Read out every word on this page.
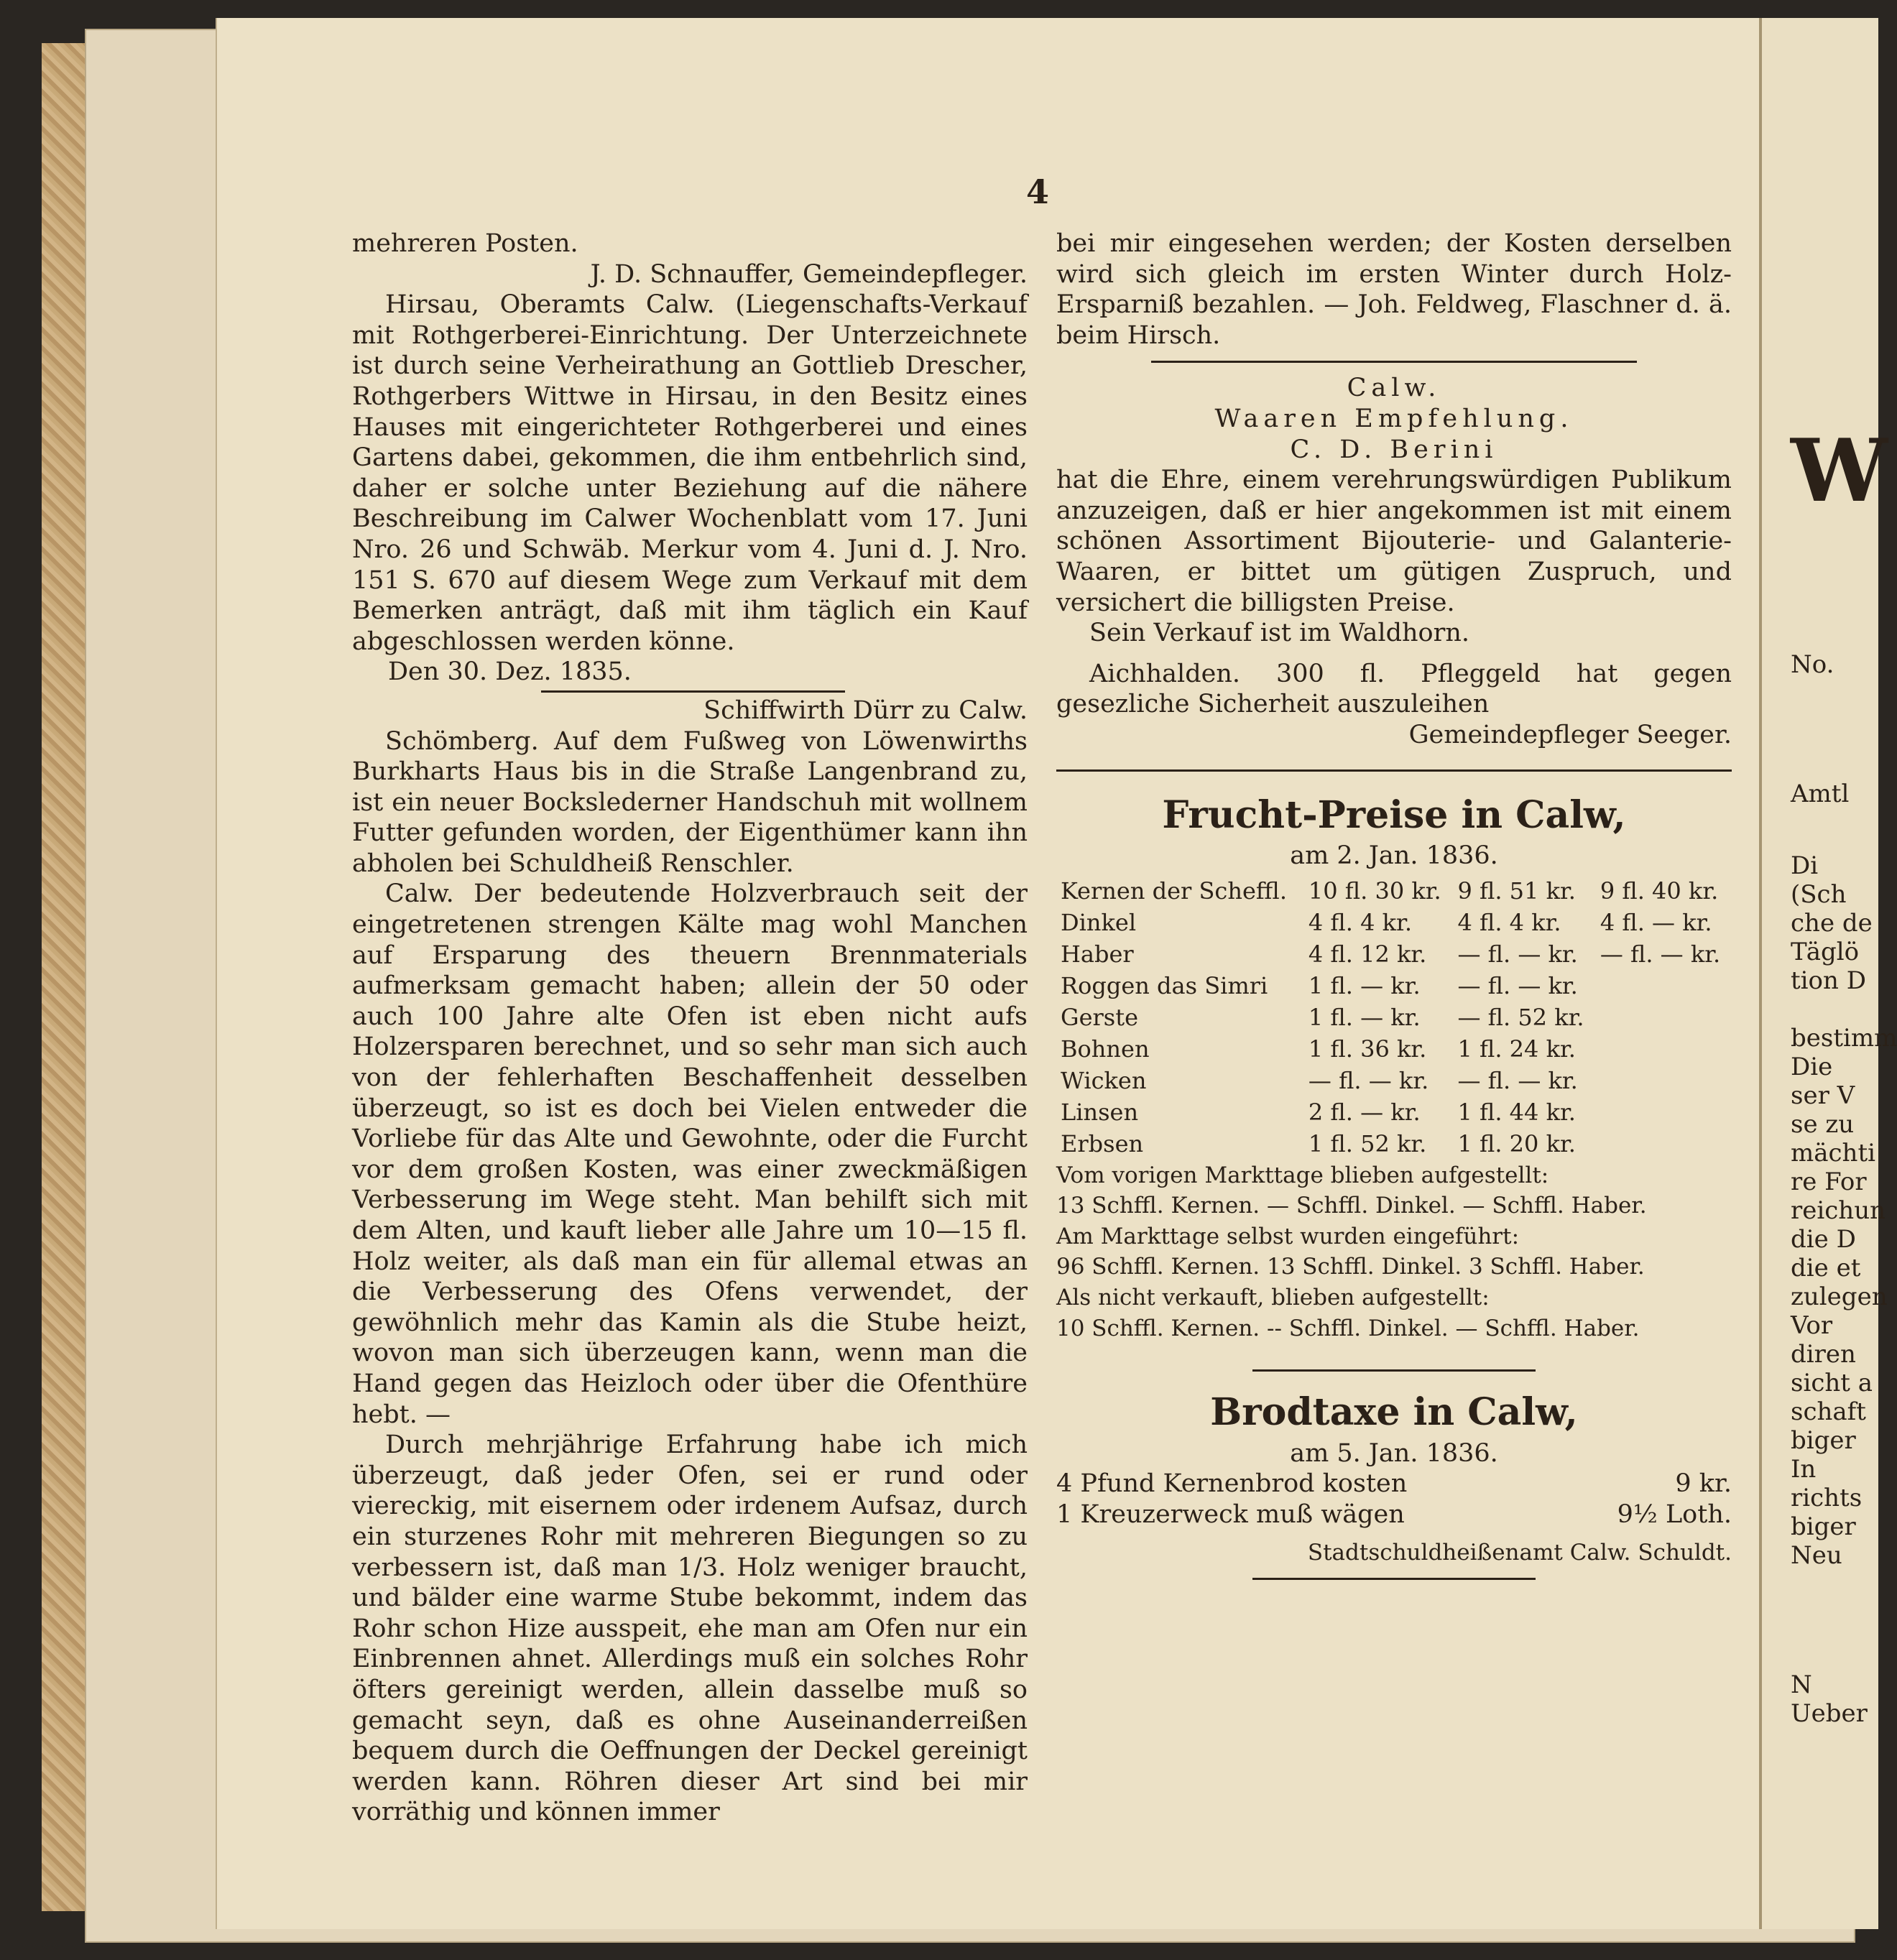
4

mehreren Posten.

J. D. Schnauffer, Gemeindepfleger.

Hirsau, Oberamts Calw. (Liegenschafts-Verkauf mit Rothgerberei-Einrichtung. Der Unterzeichnete ist durch seine Verheirathung an Gottlieb Drescher, Rothgerbers Wittwe in Hirsau, in den Besitz eines Hauses mit eingerichteter Rothgerberei und eines Gartens dabei, gekommen, die ihm entbehrlich sind, daher er solche unter Beziehung auf die nähere Beschreibung im Calwer Wochenblatt vom 17. Juni Nro. 26 und Schwäb. Merkur vom 4. Juni d. J. Nro. 151 S. 670 auf diesem Wege zum Verkauf mit dem Bemerken anträgt, daß mit ihm täglich ein Kauf abgeschlossen werden könne.

Den 30. Dez. 1835.

Schiffwirth Dürr zu Calw.

Schömberg. Auf dem Fußweg von Löwenwirths Burkharts Haus bis in die Straße Langenbrand zu, ist ein neuer Bockslederner Handschuh mit wollnem Futter gefunden worden, der Eigenthümer kann ihn abholen bei Schuldheiß Renschler.

Calw. Der bedeutende Holzverbrauch seit der eingetretenen strengen Kälte mag wohl Manchen auf Ersparung des theuern Brennmaterials aufmerksam gemacht haben; allein der 50 oder auch 100 Jahre alte Ofen ist eben nicht aufs Holzersparen berechnet, und so sehr man sich auch von der fehlerhaften Beschaffenheit desselben überzeugt, so ist es doch bei Vielen entweder die Vorliebe für das Alte und Gewohnte, oder die Furcht vor dem großen Kosten, was einer zweckmäßigen Verbesserung im Wege steht. Man behilft sich mit dem Alten, und kauft lieber alle Jahre um 10—15 fl. Holz weiter, als daß man ein für allemal etwas an die Verbesserung des Ofens verwendet, der gewöhnlich mehr das Kamin als die Stube heizt, wovon man sich überzeugen kann, wenn man die Hand gegen das Heizloch oder über die Ofenthüre hebt. —

Durch mehrjährige Erfahrung habe ich mich überzeugt, daß jeder Ofen, sei er rund oder viereckig, mit eisernem oder irdenem Aufsaz, durch ein sturzenes Rohr mit mehreren Biegungen so zu verbessern ist, daß man 1/3. Holz weniger braucht, und bälder eine warme Stube bekommt, indem das Rohr schon Hize ausspeit, ehe man am Ofen nur ein Einbrennen ahnet. Allerdings muß ein solches Rohr öfters gereinigt werden, allein dasselbe muß so gemacht seyn, daß es ohne Auseinanderreißen bequem durch die Oeffnungen der Deckel gereinigt werden kann. Röhren dieser Art sind bei mir vorräthig und können immer

bei mir eingesehen werden; der Kosten derselben wird sich gleich im ersten Winter durch Holz-Ersparniß bezahlen. — Joh. Feldweg, Flaschner d. ä. beim Hirsch.

Calw.

Waaren Empfehlung.

C. D. Berini

hat die Ehre, einem verehrungswürdigen Publikum anzuzeigen, daß er hier angekommen ist mit einem schönen Assortiment Bijouterie- und Galanterie-Waaren, er bittet um gütigen Zuspruch, und versichert die billigsten Preise.

Sein Verkauf ist im Waldhorn.

Aichhalden. 300 fl. Pfleggeld hat gegen gesezliche Sicherheit auszuleihen

Gemeindepfleger Seeger.

Frucht-Preise in Calw,
am 2. Jan. 1836.
Kernen der Scheffl.	10 fl. 30 kr.	9 fl. 51 kr.	9 fl. 40 kr.
Dinkel	4 fl. 4 kr.	4 fl. 4 kr.	4 fl. — kr.
Haber	4 fl. 12 kr.	— fl. — kr.	— fl. — kr.
Roggen das Simri	1 fl. — kr.	— fl. — kr.	
Gerste	1 fl. — kr.	— fl. 52 kr.	
Bohnen	1 fl. 36 kr.	1 fl. 24 kr.	
Wicken	— fl. — kr.	— fl. — kr.	
Linsen	2 fl. — kr.	1 fl. 44 kr.	
Erbsen	1 fl. 52 kr.	1 fl. 20 kr.	

Vom vorigen Markttage blieben aufgestellt:

13 Schffl. Kernen. — Schffl. Dinkel. — Schffl. Haber.

Am Markttage selbst wurden eingeführt:

96 Schffl. Kernen. 13 Schffl. Dinkel. 3 Schffl. Haber.

Als nicht verkauft, blieben aufgestellt:

10 Schffl. Kernen. -- Schffl. Dinkel. — Schffl. Haber.

Brodtaxe in Calw,
am 5. Jan. 1836.
4 Pfund Kernenbrod kosten	9 kr.
1 Kreuzerweck muß wägen	9½ Loth.

Stadtschuldheißenamt Calw. Schuldt.

W
No.
Amtl
Di
(Sch
che de
Täglö
tion D
bestimm
Die
ser V
se zu
mächti
re For
reichun
die D
die et
zulegen
Vor
diren
sicht a
schaft
biger
In
richts
biger
Neu
N
Ueber
